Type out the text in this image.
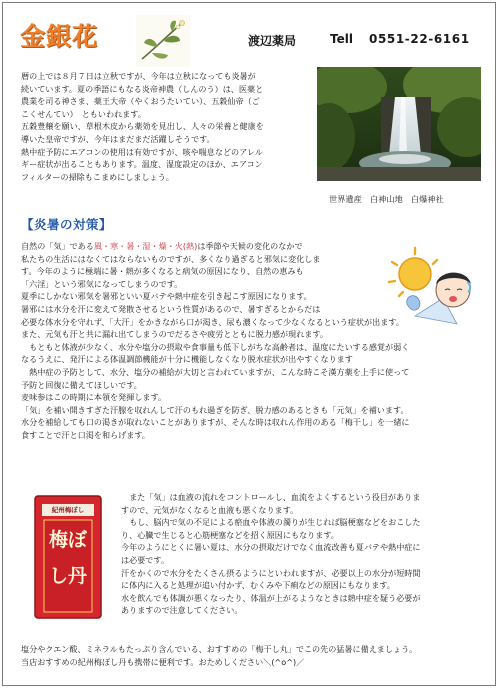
金銀花	渡辺薬局	Tell 0551-22-6161
暦の上では８月７日は立秋ですが、今年は立秋になっても炎暑が
続いています。夏の季語にもなる炎帝神農（しんのう）は、医薬と
農業を司る神さま、薬王大帝（やくおうたいてい）、五穀仙帝（ご
こくせんてい）　ともいわれます。
五穀豊穣を願い、草根木皮から薬効を見出し、人々の栄養と健康を
導いた皇帝ですが、今年はまだまだ活躍しそうです。
熱中症予防にエアコンの使用は有効ですが、咳や喘息などのアレル
ギー症状が出ることもあります。温度、湿度設定のほか、エアコン
フィルターの掃除もこまめにしましょう。
世界遺産　白神山地　白爆神社
【炎暑の対策】
自然の「気」である風・寒・暑・湿・燥・火(熱)は季節や天候の変化のなかで
私たちの生活にはなくてはならないものですが、多くなり過ぎると邪気に変化しま
す。今年のように極端に暑・熱が多くなると病気の原因になり、自然の恵みも
「六淫」という邪気になってしまうのです。
夏季にしかない邪気を暑邪といい夏バテや熱中症を引き起こす原因になります。
暑邪には水分を汗に変えて発散させるという性質があるので、暑すぎるとからだは
必要な体水分を守れず、「大汗」をかきながら口が渇き、尿も濃くなって少なくなるという症状が出ます。
また、元気も汗と共に漏れ出てしまうのでだるさや疲労とともに脱力感が現れます。
　もともと体液が少なく、水分や塩分の摂取や食事量も低下しがちな高齢者は、温度にたいする感覚が弱く
なるうえに、発汗による体温調節機能が十分に機能しなくなり脱水症状が出やすくなります
　熱中症の予防として、水分、塩分の補給が大切と言われていますが、こんな時こそ漢方薬を上手に使って
予防と回復に備えてほしいです。
麦味参はこの時期に本領を発揮します。
「気」を補い開きすぎた汗腺を収れんして汗のもれ過ぎを防ぎ、脱力感のあるときも「元気」を補います。
水分を補給しても口の渇きが取れないことがありますが、そんな時は収れん作用のある「梅干し」を一緒に
食すことで汗と口渇を和らげます。
紀州梅ぼし
梅ぼ
し丹
　また「気」は血液の流れをコントロールし、血流をよくするという役目がありま
すので、元気がなくなると血液も悪くなります。
　もし、脳内で気の不足による瘀血や体液の濁りが生じれば脳梗塞などをおこした
り、心臓で生じると心筋梗塞などを招く原因にもなります。
今年のようにとくに暑い夏は、水分の摂取だけでなく血流改善も夏バテや熱中症に
は必要です。
汗をかくので水分をたくさん摂るようにといわれますが、必要以上の水分が短時間
に体内に入ると処理が追い付かず、むくみや下痢などの原因にもなります。
水を飲んでも体調が悪くなったり、体温が上がるようなときは熱中症を疑う必要が
ありますので注意してください。
塩分やクエン酸、ミネラルもたっぷり含んでいる、おすすめの「梅干し丸」でこの先の猛暑に備えましょう。
当店おすすめの紀州梅ぼし丹も携帯に便利です。おためしください＼(^o^)／
